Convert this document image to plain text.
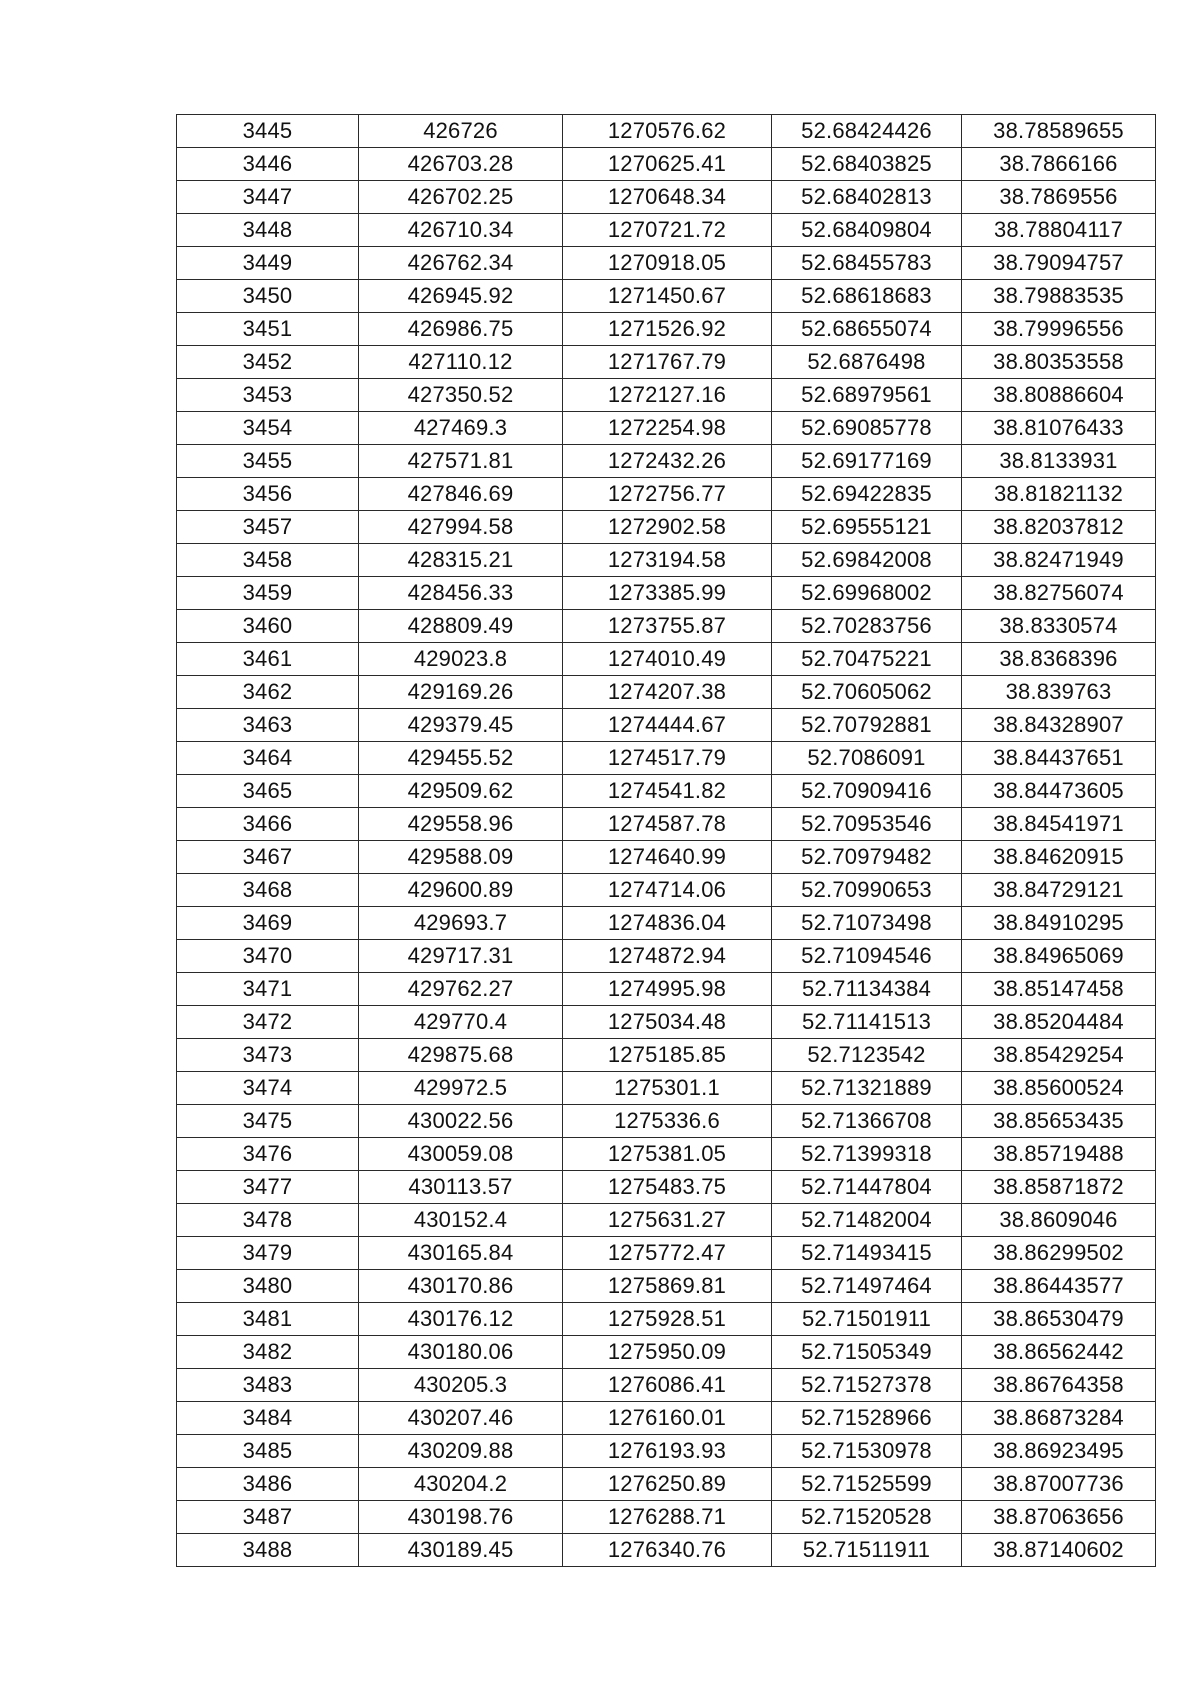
3445	426726	1270576.62	52.68424426	38.78589655
3446	426703.28	1270625.41	52.68403825	38.7866166
3447	426702.25	1270648.34	52.68402813	38.7869556
3448	426710.34	1270721.72	52.68409804	38.78804117
3449	426762.34	1270918.05	52.68455783	38.79094757
3450	426945.92	1271450.67	52.68618683	38.79883535
3451	426986.75	1271526.92	52.68655074	38.79996556
3452	427110.12	1271767.79	52.6876498	38.80353558
3453	427350.52	1272127.16	52.68979561	38.80886604
3454	427469.3	1272254.98	52.69085778	38.81076433
3455	427571.81	1272432.26	52.69177169	38.8133931
3456	427846.69	1272756.77	52.69422835	38.81821132
3457	427994.58	1272902.58	52.69555121	38.82037812
3458	428315.21	1273194.58	52.69842008	38.82471949
3459	428456.33	1273385.99	52.69968002	38.82756074
3460	428809.49	1273755.87	52.70283756	38.8330574
3461	429023.8	1274010.49	52.70475221	38.8368396
3462	429169.26	1274207.38	52.70605062	38.839763
3463	429379.45	1274444.67	52.70792881	38.84328907
3464	429455.52	1274517.79	52.7086091	38.84437651
3465	429509.62	1274541.82	52.70909416	38.84473605
3466	429558.96	1274587.78	52.70953546	38.84541971
3467	429588.09	1274640.99	52.70979482	38.84620915
3468	429600.89	1274714.06	52.70990653	38.84729121
3469	429693.7	1274836.04	52.71073498	38.84910295
3470	429717.31	1274872.94	52.71094546	38.84965069
3471	429762.27	1274995.98	52.71134384	38.85147458
3472	429770.4	1275034.48	52.71141513	38.85204484
3473	429875.68	1275185.85	52.7123542	38.85429254
3474	429972.5	1275301.1	52.71321889	38.85600524
3475	430022.56	1275336.6	52.71366708	38.85653435
3476	430059.08	1275381.05	52.71399318	38.85719488
3477	430113.57	1275483.75	52.71447804	38.85871872
3478	430152.4	1275631.27	52.71482004	38.8609046
3479	430165.84	1275772.47	52.71493415	38.86299502
3480	430170.86	1275869.81	52.71497464	38.86443577
3481	430176.12	1275928.51	52.71501911	38.86530479
3482	430180.06	1275950.09	52.71505349	38.86562442
3483	430205.3	1276086.41	52.71527378	38.86764358
3484	430207.46	1276160.01	52.71528966	38.86873284
3485	430209.88	1276193.93	52.71530978	38.86923495
3486	430204.2	1276250.89	52.71525599	38.87007736
3487	430198.76	1276288.71	52.71520528	38.87063656
3488	430189.45	1276340.76	52.71511911	38.87140602
